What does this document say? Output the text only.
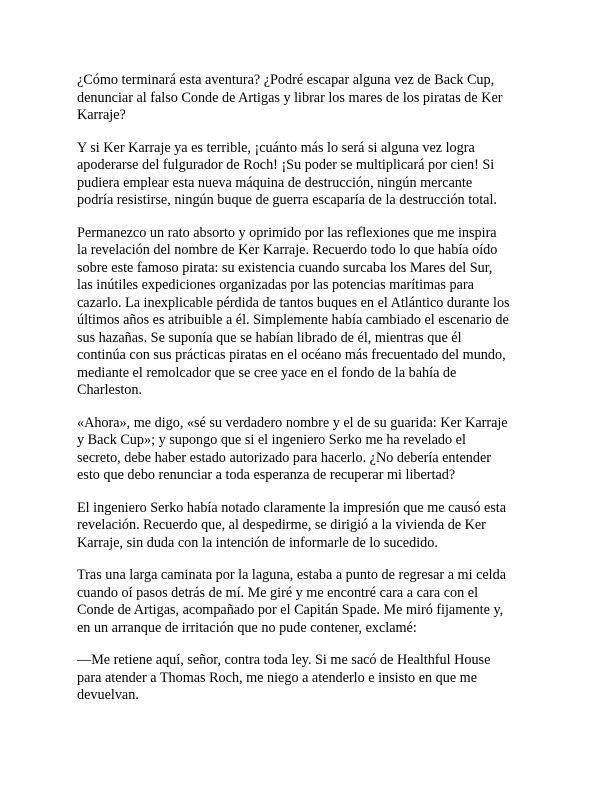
¿Cómo terminará esta aventura? ¿Podré escapar alguna vez de Back Cup,
denunciar al falso Conde de Artigas y librar los mares de los piratas de Ker
Karraje?

Y si Ker Karraje ya es terrible, ¡cuánto más lo será si alguna vez logra
apoderarse del fulgurador de Roch! ¡Su poder se multiplicará por cien! Si
pudiera emplear esta nueva máquina de destrucción, ningún mercante
podría resistirse, ningún buque de guerra escaparía de la destrucción total.

Permanezco un rato absorto y oprimido por las reflexiones que me inspira
la revelación del nombre de Ker Karraje. Recuerdo todo lo que había oído
sobre este famoso pirata: su existencia cuando surcaba los Mares del Sur,
las inútiles expediciones organizadas por las potencias marítimas para
cazarlo. La inexplicable pérdida de tantos buques en el Atlántico durante los
últimos años es atribuible a él. Simplemente había cambiado el escenario de
sus hazañas. Se suponía que se habían librado de él, mientras que él
continúa con sus prácticas piratas en el océano más frecuentado del mundo,
mediante el remolcador que se cree yace en el fondo de la bahía de
Charleston.

«Ahora», me digo, «sé su verdadero nombre y el de su guarida: Ker Karraje
y Back Cup»; y supongo que si el ingeniero Serko me ha revelado el
secreto, debe haber estado autorizado para hacerlo. ¿No debería entender
esto que debo renunciar a toda esperanza de recuperar mi libertad?

El ingeniero Serko había notado claramente la impresión que me causó esta
revelación. Recuerdo que, al despedirme, se dirigió a la vivienda de Ker
Karraje, sin duda con la intención de informarle de lo sucedido.

Tras una larga caminata por la laguna, estaba a punto de regresar a mi celda
cuando oí pasos detrás de mí. Me giré y me encontré cara a cara con el
Conde de Artigas, acompañado por el Capitán Spade. Me miró fijamente y,
en un arranque de irritación que no pude contener, exclamé:

—Me retiene aquí, señor, contra toda ley. Si me sacó de Healthful House
para atender a Thomas Roch, me niego a atenderlo e insisto en que me
devuelvan.
